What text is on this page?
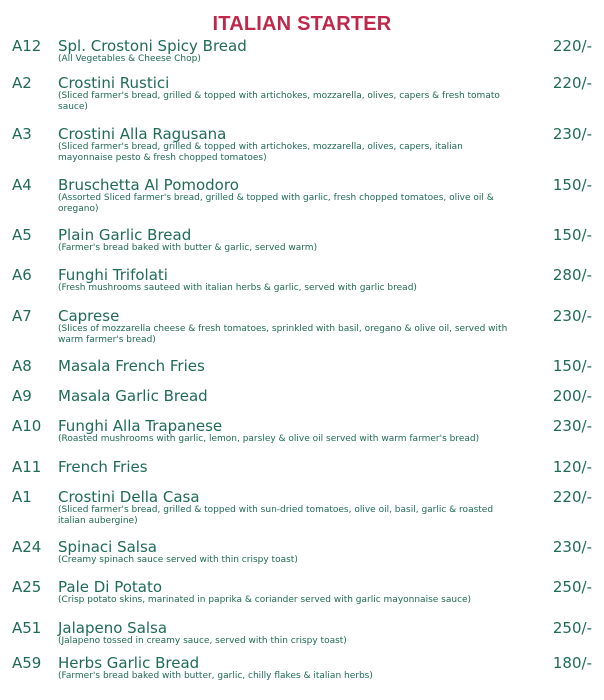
ITALIAN STARTER
A12 Spl. Crostoni Spicy Bread	220/-
(All Vegetables & Cheese Chop)
A2 Crostini Rustici	220/-
(Sliced farmer's bread, grilled & topped with artichokes, mozzarella, olives, capers & fresh tomato sauce)
A3 Crostini Alla Ragusana	230/-
(Sliced farmer's bread, grilled & topped with artichokes, mozzarella, olives, capers, italian mayonnaise pesto & fresh chopped tomatoes)
A4 Bruschetta Al Pomodoro	150/-
(Assorted Sliced farmer's bread, grilled & topped with garlic, fresh chopped tomatoes, olive oil & oregano)
A5 Plain Garlic Bread	150/-
(Farmer's bread baked with butter & garlic, served warm)
A6 Funghi Trifolati	280/-
(Fresh mushrooms sauteed with italian herbs & garlic, served with garlic bread)
A7 Caprese	230/-
(Slices of mozzarella cheese & fresh tomatoes, sprinkled with basil, oregano & olive oil, served with warm farmer's bread)
A8 Masala French Fries	150/-
A9 Masala Garlic Bread	200/-
A10 Funghi Alla Trapanese	230/-
(Roasted mushrooms with garlic, lemon, parsley & olive oil served with warm farmer's bread)
A11 French Fries	120/-
A1 Crostini Della Casa	220/-
(Sliced farmer's bread, grilled & topped with sun-dried tomatoes, olive oil, basil, garlic & roasted italian aubergine)
A24 Spinaci Salsa	230/-
(Creamy spinach sauce served with thin crispy toast)
A25 Pale Di Potato	250/-
(Crisp potato skins, marinated in paprika & coriander served with garlic mayonnaise sauce)
A51 Jalapeno Salsa	250/-
(Jalapeno tossed in creamy sauce, served with thin crispy toast)
A59 Herbs Garlic Bread	180/-
(Farmer's bread baked with butter, garlic, chilly flakes & italian herbs)
